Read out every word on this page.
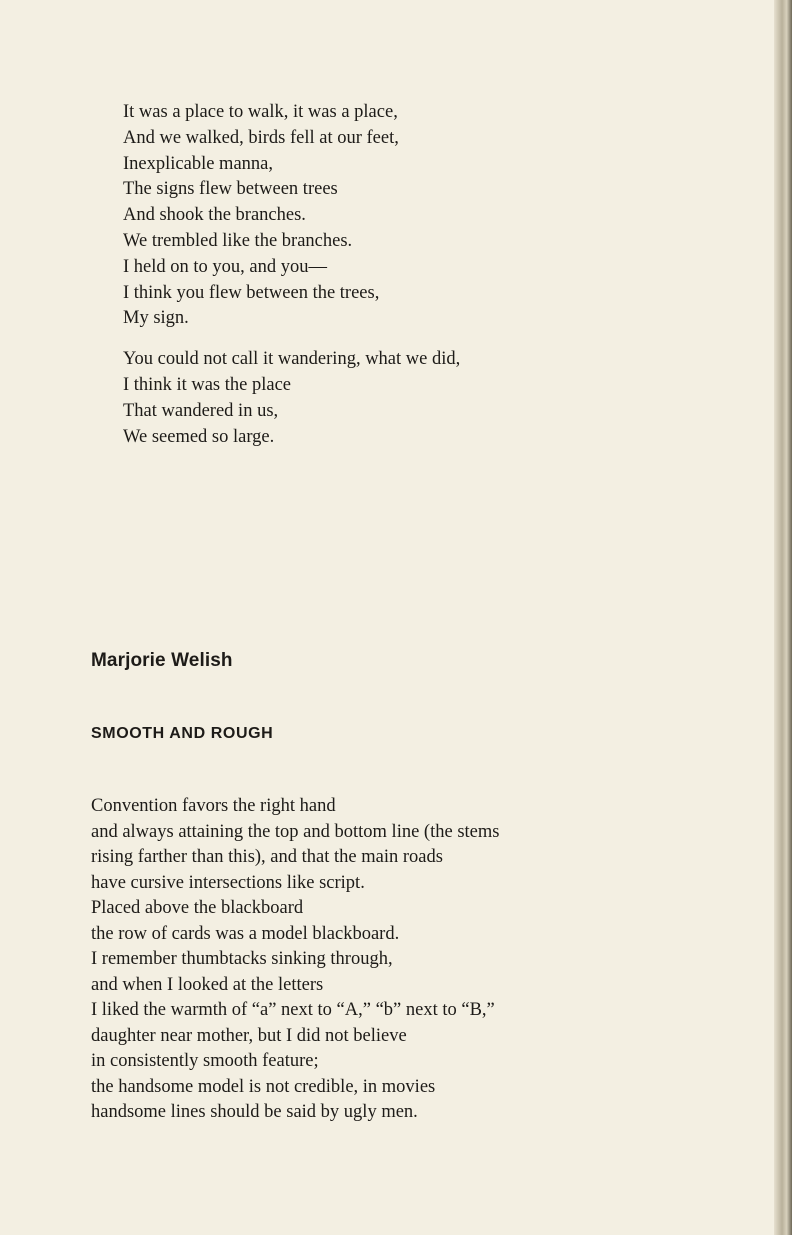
It was a place to walk, it was a place,
And we walked, birds fell at our feet,
Inexplicable manna,
The signs flew between trees
And shook the branches.
We trembled like the branches.
I held on to you, and you—
I think you flew between the trees,
My sign.
You could not call it wandering, what we did,
I think it was the place
That wandered in us,
We seemed so large.
Marjorie Welish
SMOOTH AND ROUGH
Convention favors the right hand
and always attaining the top and bottom line (the stems
rising farther than this), and that the main roads
have cursive intersections like script.
Placed above the blackboard
the row of cards was a model blackboard.
I remember thumbtacks sinking through,
and when I looked at the letters
I liked the warmth of “a” next to “A,” “b” next to “B,”
daughter near mother, but I did not believe
in consistently smooth feature;
the handsome model is not credible, in movies
handsome lines should be said by ugly men.
